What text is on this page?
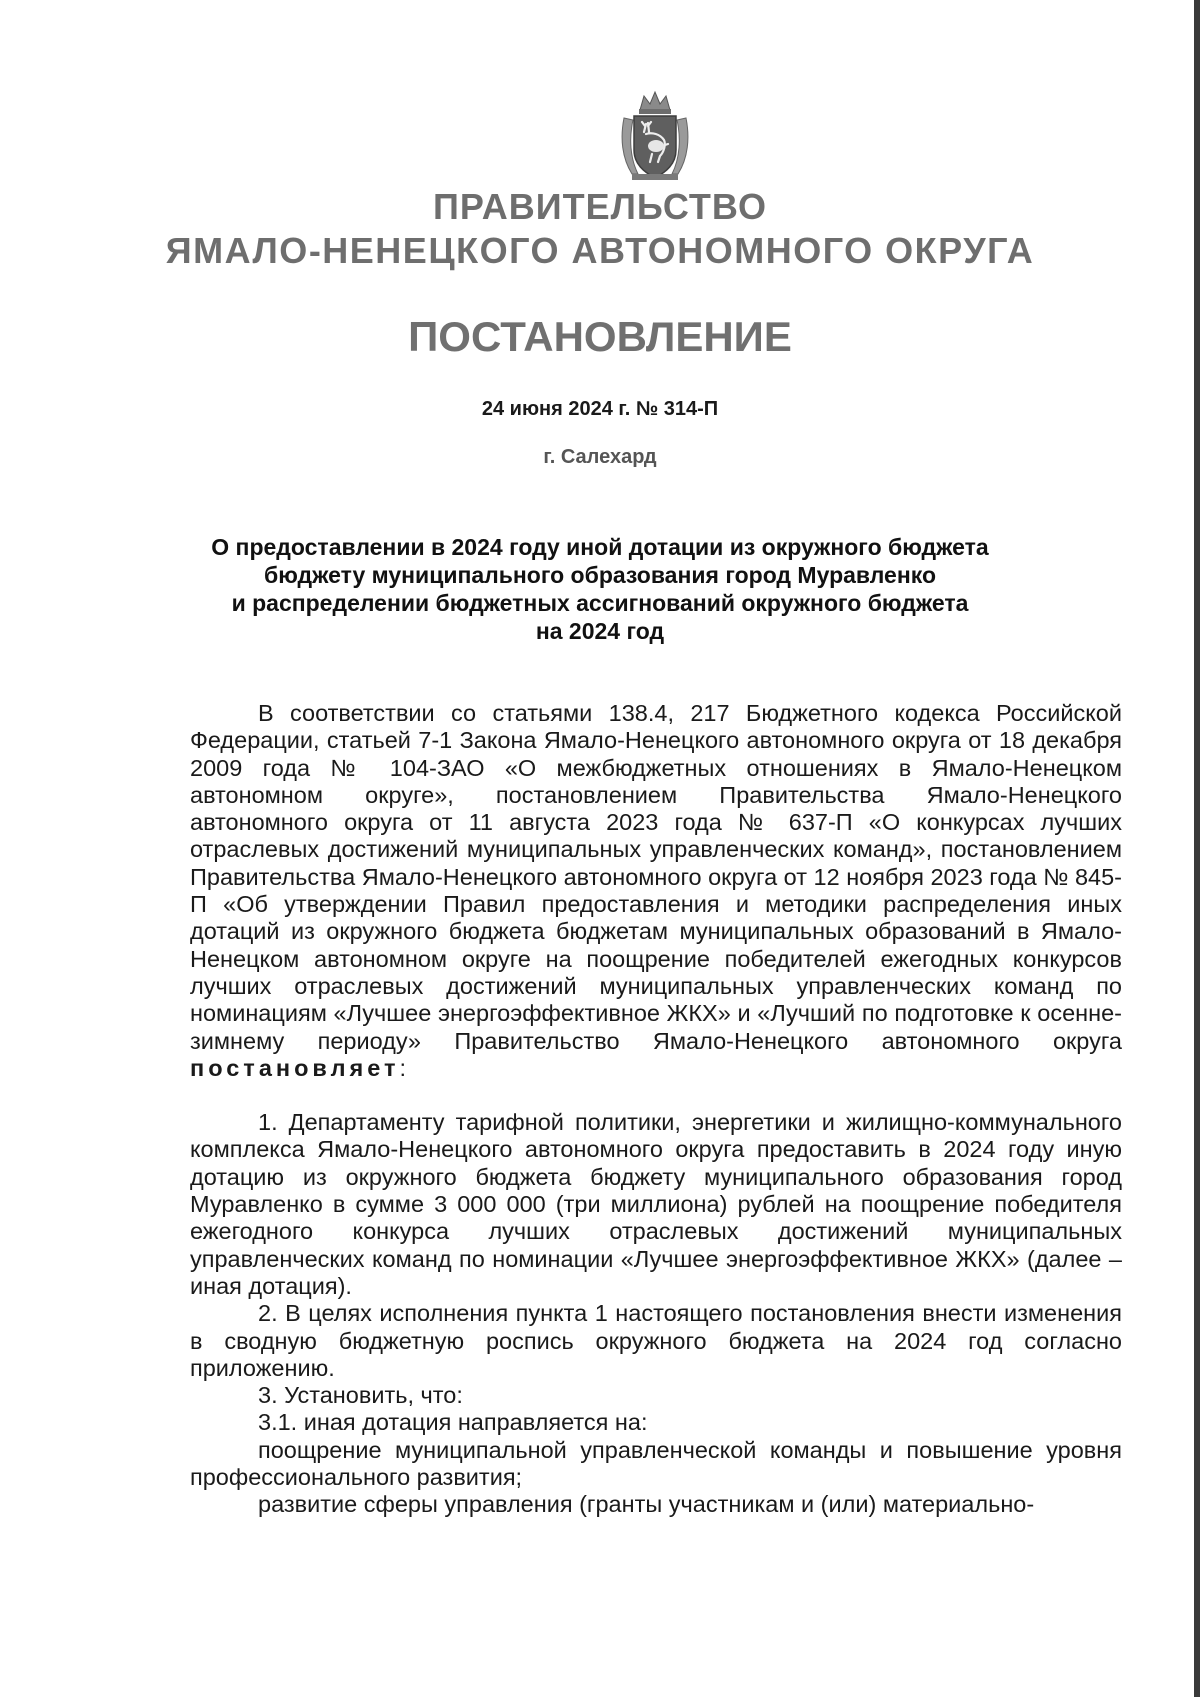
ПРАВИТЕЛЬСТВО
ЯМАЛО-НЕНЕЦКОГО АВТОНОМНОГО ОКРУГА
ПОСТАНОВЛЕНИЕ
24 июня 2024 г. № 314-П
г. Салехард
О предоставлении в 2024 году иной дотации из окружного бюджета
бюджету муниципального образования город Муравленко
и распределении бюджетных ассигнований окружного бюджета
на 2024 год

В соответствии со статьями 138.4, 217 Бюджетного кодекса Российской Федерации, статьей 7-1 Закона Ямало-Ненецкого автономного округа от 18 декабря 2009 года № 104-ЗАО «О межбюджетных отношениях в Ямало-Ненецком автономном округе», постановлением Правительства Ямало-Ненецкого автономного округа от 11 августа 2023 года № 637-П «О конкурсах лучших отраслевых достижений муниципальных управленческих команд», постановлением Правительства Ямало-Ненецкого автономного округа от 12 ноября 2023 года № 845-П «Об утверждении Правил предоставления и методики распределения иных дотаций из окружного бюджета бюджетам муниципальных образований в Ямало-Ненецком автономном округе на поощрение победителей ежегодных конкурсов лучших отраслевых достижений муниципальных управленческих команд по номинациям «Лучшее энергоэффективное ЖКХ» и «Лучший по подготовке к осенне-зимнему периоду» Правительство Ямало-Ненецкого автономного округа постановляет:

1. Департаменту тарифной политики, энергетики и жилищно-коммунального комплекса Ямало-Ненецкого автономного округа предоставить в 2024 году иную дотацию из окружного бюджета бюджету муниципального образования город Муравленко в сумме 3 000 000 (три миллиона) рублей на поощрение победителя ежегодного конкурса лучших отраслевых достижений муниципальных управленческих команд по номинации «Лучшее энергоэффективное ЖКХ» (далее – иная дотация).

2. В целях исполнения пункта 1 настоящего постановления внести изменения в сводную бюджетную роспись окружного бюджета на 2024 год согласно приложению.

3. Установить, что:

3.1. иная дотация направляется на:

поощрение муниципальной управленческой команды и повышение уровня профессионального развития;

развитие сферы управления (гранты участникам и (или) материально-
